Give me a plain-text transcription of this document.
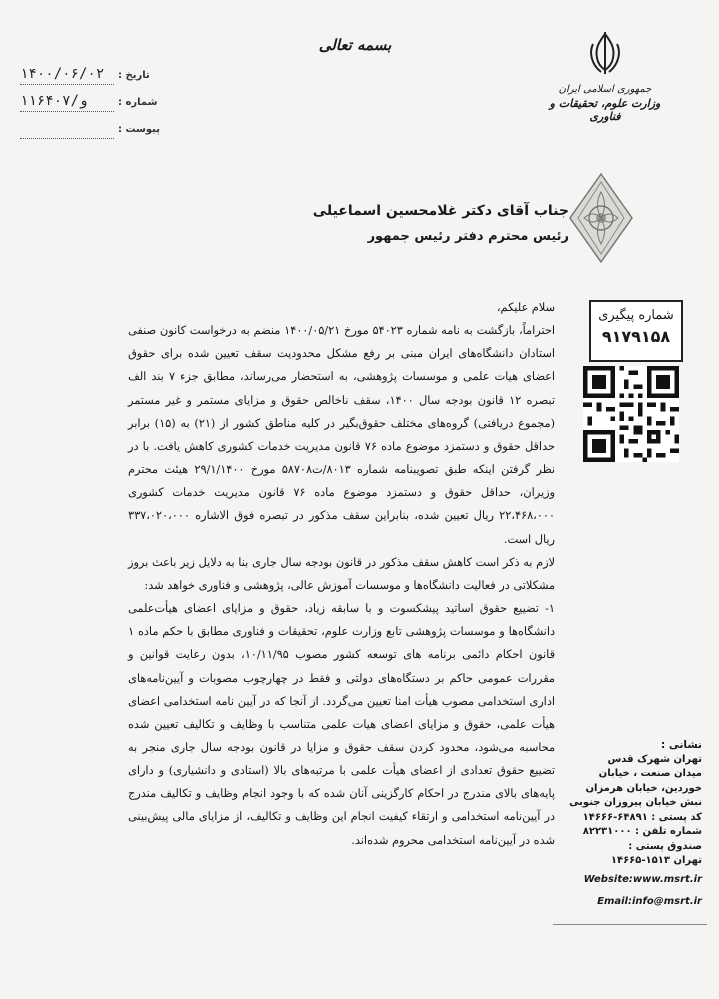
بسمه تعالی
تاریخ :
۱۴۰۰/۰۶/۰۲
شماره :
۱۱۶۴۰۷/و
پیوست :
جمهوری اسلامی ایران
وزارت علوم، تحقیقات و فناوری
جناب آقای دکتر غلامحسین اسماعیلی
رئیس محترم دفتر رئیس جمهور
شماره پیگیری
۹۱۷۹۱۵۸

سلام علیکم،

احتراماً، بازگشت به نامه شماره ۵۴۰۲۳ مورخ ۱۴۰۰/۰۵/۲۱ منضم به درخواست کانون صنفی استادان دانشگاه‌های ایران مبنی بر رفع مشکل محدودیت سقف تعیین شده برای حقوق اعضای هیات علمی و موسسات پژوهشی، به استحضار می‌رساند، مطابق جزء ۷ بند الف تبصره ۱۲ قانون بودجه سال ۱۴۰۰، سقف ناخالص حقوق و مزایای مستمر و غیر مستمر (مجموع دریافتی) گروه‌های مختلف حقوق‌بگیر در کلیه مناطق کشور از (۲۱) به (۱۵) برابر حداقل حقوق و دستمزد موضوع ماده ۷۶ قانون مدیریت خدمات کشوری کاهش یافت. با در نظر گرفتن اینکه طبق تصویبنامه شماره ۸۰۱۳/ت۵۸۷۰۸ مورخ ۲۹/۱/۱۴۰۰ هیئت محترم وزیران، حداقل حقوق و دستمزد موضوع ماده ۷۶ قانون مدیریت خدمات کشوری ۲۲،۴۶۸،۰۰۰ ریال تعیین شده، بنابراین سقف مذکور در تبصره فوق الاشاره ۳۳۷،۰۲۰،۰۰۰ ریال است.

لازم به ذکر است کاهش سقف مذکور در قانون بودجه سال جاری بنا به دلایل زیر باعث بروز مشکلاتی در فعالیت دانشگاه‌ها و موسسات آموزش عالی، پژوهشی و فناوری خواهد شد:

۱- تضییع حقوق اساتید پیشکسوت و با سابقه زیاد، حقوق و مزایای اعضای هیأت‌علمی دانشگاه‌ها و موسسات پژوهشی تابع وزارت علوم، تحقیقات و فناوری مطابق با حکم ماده ۱ قانون احکام دائمی برنامه های توسعه کشور مصوب ۱۰/۱۱/۹۵، بدون رعایت قوانین و مقررات عمومی حاکم بر دستگاه‌های دولتی و فقط در چهارچوب مصوبات و آیین‌نامه‌های اداری استخدامی مصوب هیأت امنا تعیین می‌گردد. از آنجا که در آیین نامه استخدامی اعضای هیأت علمی، حقوق و مزایای اعضای هیات علمی متناسب با وظایف و تکالیف تعیین شده محاسبه می‌شود، محدود کردن سقف حقوق و مزایا در قانون بودجه سال جاری منجر به تضییع حقوق تعدادی از اعضای هیأت علمی با مرتبه‌های بالا (استادی و دانشیاری) و دارای پایه‌های بالای مندرج در احکام کارگزینی آنان شده که با وجود انجام وظایف و تکالیف مندرج در آیین‌نامه استخدامی و ارتقاء کیفیت انجام این وظایف و تکالیف، از مزایای مالی پیش‌بینی شده در آیین‌نامه استخدامی محروم شده‌اند.

نشانی :
تهران شهرک قدس
میدان صنعت ، خیابان
خوردین، خیابان هرمزان
نبش خیابان پیروزان جنوبی
کد پستی : ۶۴۸۹۱-۱۴۶۶۶
شماره تلفن : ۸۲۲۳۱۰۰۰
صندوق پستی :
تهران ۱۵۱۳-۱۴۶۶۵
Website:www.msrt.ir
Email:info@msrt.ir
